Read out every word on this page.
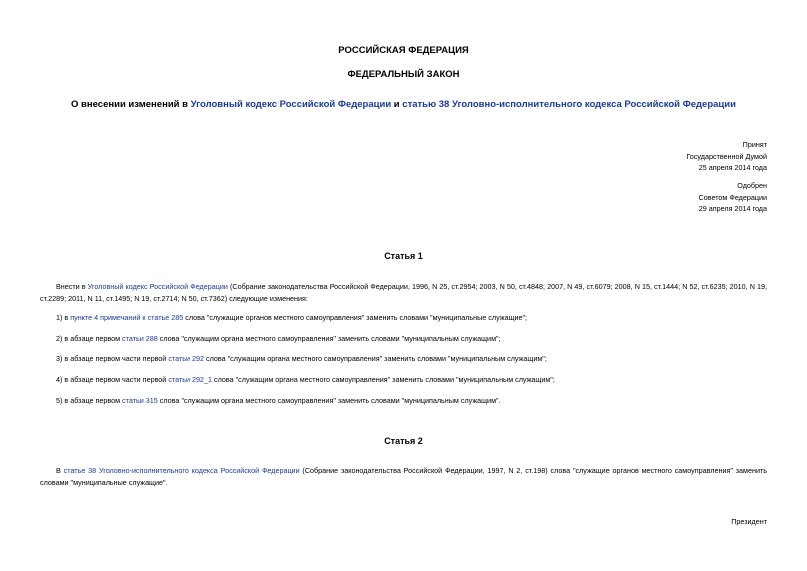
РОССИЙСКАЯ ФЕДЕРАЦИЯ
ФЕДЕРАЛЬНЫЙ ЗАКОН
О внесении изменений в Уголовный кодекс Российской Федерации и статью 38 Уголовно-исполнительного кодекса Российской Федерации
Принят
Государственной Думой
25 апреля 2014 года
Одобрен
Советом Федерации
29 апреля 2014 года
Статья 1
Внести в Уголовный кодекс Российской Федерации (Собрание законодательства Российской Федерации, 1996, N 25, ст.2954; 2003, N 50, ст.4848; 2007, N 49, ст.6079; 2008, N 15, ст.1444; N 52, ст.6235; 2010, N 19, ст.2289; 2011, N 11, ст.1495; N 19, ст.2714; N 50, ст.7362) следующие изменения:
1) в пункте 4 примечаний к статье 285 слова "служащие органов местного самоуправления" заменить словами "муниципальные служащие";
2) в абзаце первом статьи 288 слова "служащим органа местного самоуправления" заменить словами "муниципальным служащим";
3) в абзаце первом части первой статьи 292 слова "служащим органа местного самоуправления" заменить словами "муниципальным служащим";
4) в абзаце первом части первой статьи 292_1 слова "служащим органа местного самоуправления" заменить словами "муниципальным служащим";
5) в абзаце первом статьи 315 слова "служащим органа местного самоуправления" заменить словами "муниципальным служащим".
Статья 2
В статье 38 Уголовно-исполнительного кодекса Российской Федерации (Собрание законодательства Российской Федерации, 1997, N 2, ст.198) слова "служащие органов местного самоуправления" заменить словами "муниципальные служащие".
Президент
